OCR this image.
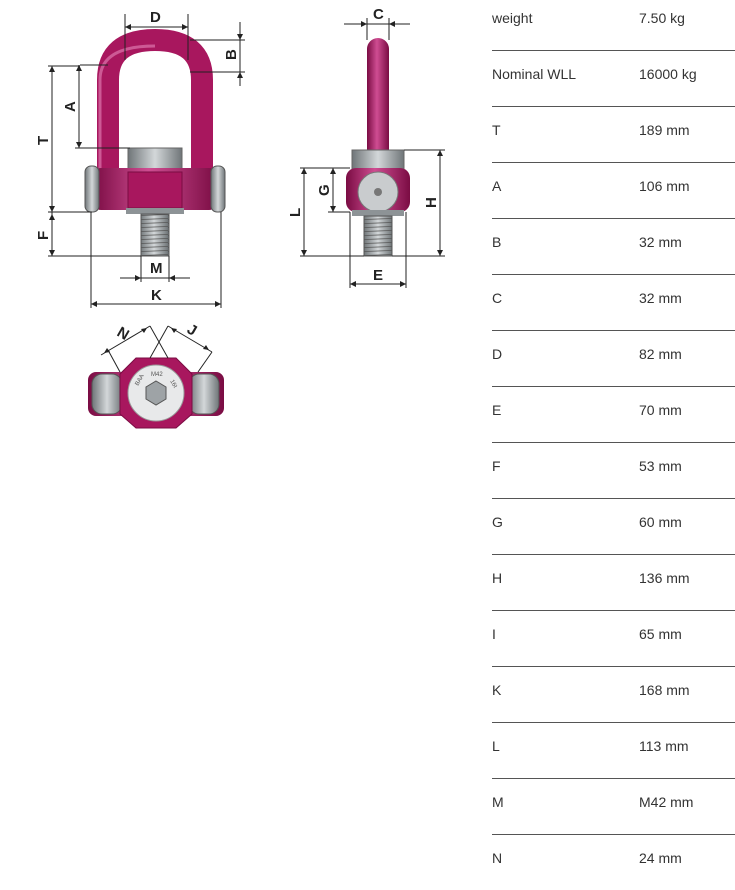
D
B
A
T
F
M
K
C
G
L
H
E
BAA M42
16t
N	J
weight	7.50 kg
Nominal WLL	16000 kg
T	189 mm
A	106 mm
B	32 mm
C	32 mm
D	82 mm
E	70 mm
F	53 mm
G	60 mm
H	136 mm
I	65 mm
K	168 mm
L	113 mm
M	M42 mm
N	24 mm
